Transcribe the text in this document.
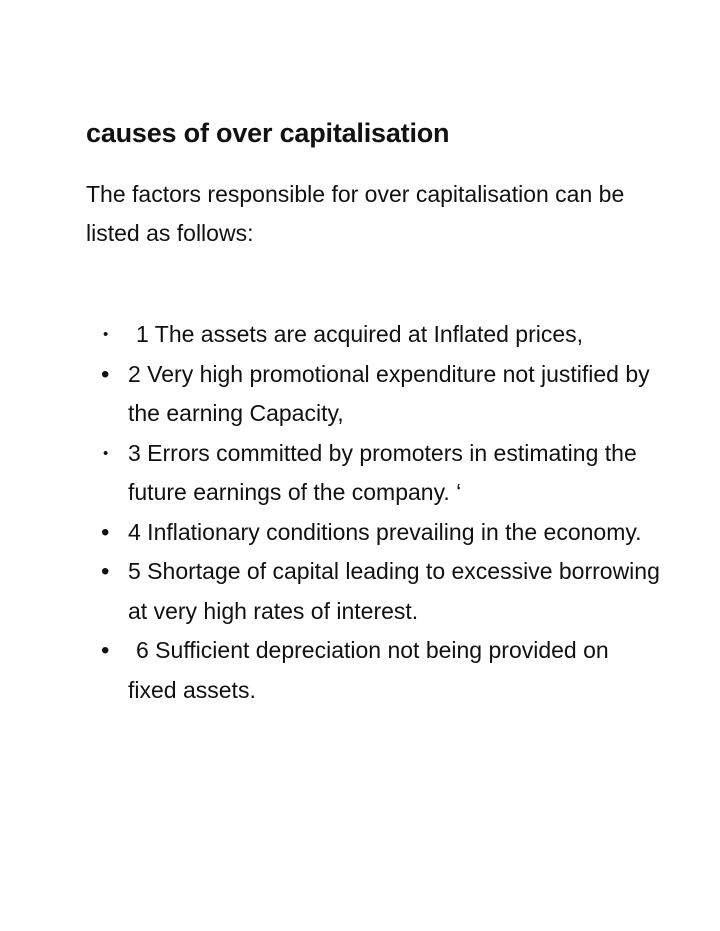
causes of over capitalisation
The factors responsible for over capitalisation can be listed as follows:
•	1 The assets are acquired at Inflated prices,
• 2 Very high promotional expenditure not justified by the earning Capacity,
• 3 Errors committed by promoters in estimating the future earnings of the company. ‘
• 4 Inflationary conditions prevailing in the economy.
• 5 Shortage of capital leading to excessive borrowing at very high rates of interest.
•	6 Sufficient depreciation not being provided on fixed assets.
